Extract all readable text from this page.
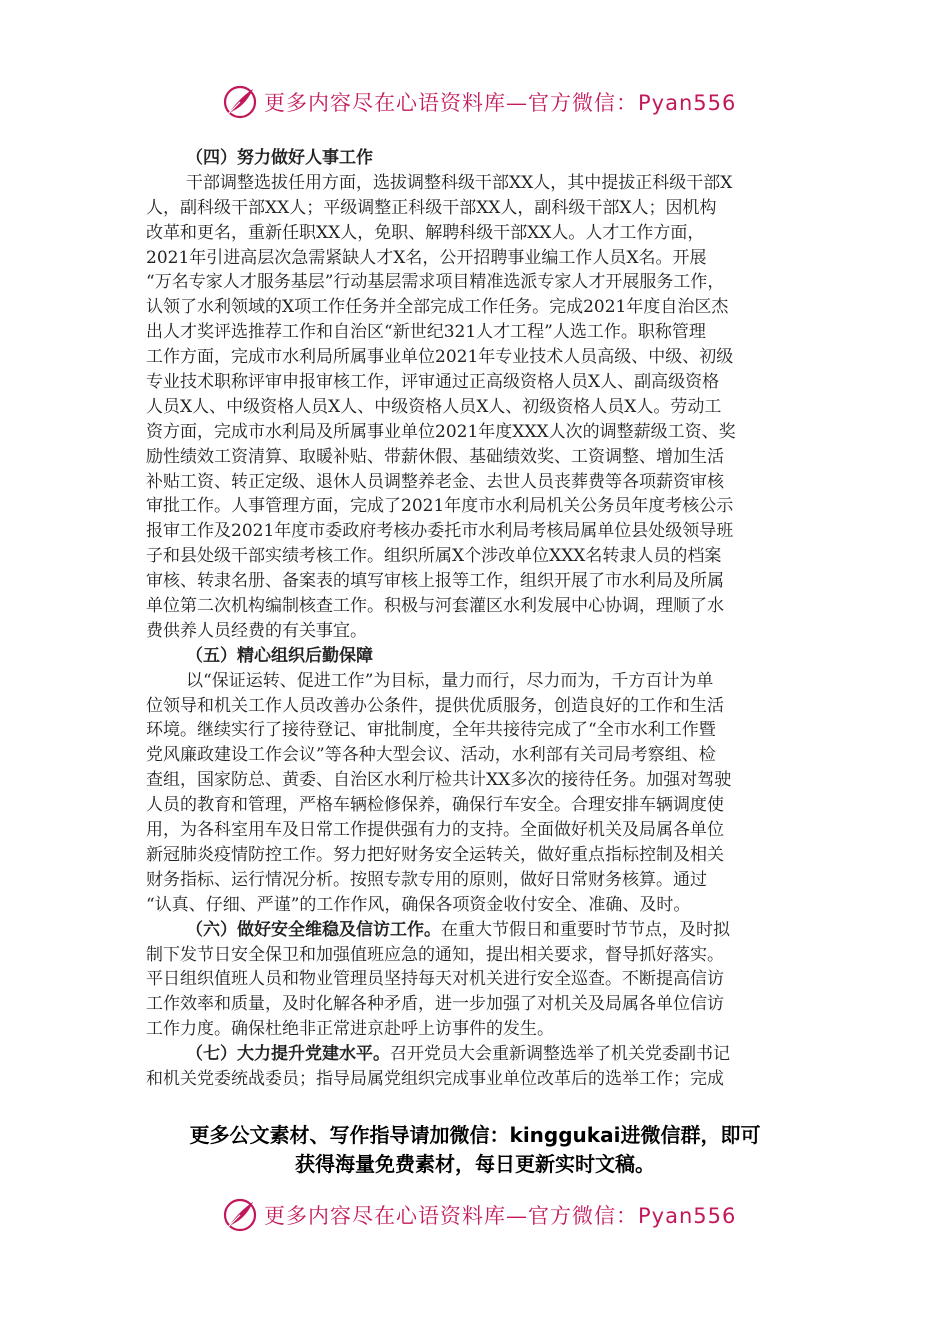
更多内容尽在心语资料库—官方微信：Pyan556
（四）努力做好人事工作
干部调整选拔任用方面，选拔调整科级干部XX人，其中提拔正科级干部X
人，副科级干部XX人；平级调整正科级干部XX人，副科级干部X人；因机构
改革和更名，重新任职XX人，免职、解聘科级干部XX人。人才工作方面，
2021年引进高层次急需紧缺人才X名，公开招聘事业编工作人员X名。开展
“万名专家人才服务基层”行动基层需求项目精准选派专家人才开展服务工作，
认领了水利领域的X项工作任务并全部完成工作任务。完成2021年度自治区杰
出人才奖评选推荐工作和自治区“新世纪321人才工程”人选工作。职称管理
工作方面，完成市水利局所属事业单位2021年专业技术人员高级、中级、初级
专业技术职称评审申报审核工作，评审通过正高级资格人员X人、副高级资格
人员X人、中级资格人员X人、中级资格人员X人、初级资格人员X人。劳动工
资方面，完成市水利局及所属事业单位2021年度XXX人次的调整薪级工资、奖
励性绩效工资清算、取暖补贴、带薪休假、基础绩效奖、工资调整、增加生活
补贴工资、转正定级、退休人员调整养老金、去世人员丧葬费等各项薪资审核
审批工作。人事管理方面，完成了2021年度市水利局机关公务员年度考核公示
报审工作及2021年度市委政府考核办委托市水利局考核局属单位县处级领导班
子和县处级干部实绩考核工作。组织所属X个涉改单位XXX名转隶人员的档案
审核、转隶名册、备案表的填写审核上报等工作，组织开展了市水利局及所属
单位第二次机构编制核查工作。积极与河套灌区水利发展中心协调，理顺了水
费供养人员经费的有关事宜。
（五）精心组织后勤保障
以“保证运转、促进工作”为目标，量力而行，尽力而为，千方百计为单
位领导和机关工作人员改善办公条件，提供优质服务，创造良好的工作和生活
环境。继续实行了接待登记、审批制度，全年共接待完成了“全市水利工作暨
党风廉政建设工作会议”等各种大型会议、活动，水利部有关司局考察组、检
查组，国家防总、黄委、自治区水利厅检共计XX多次的接待任务。加强对驾驶
人员的教育和管理，严格车辆检修保养，确保行车安全。合理安排车辆调度使
用，为各科室用车及日常工作提供强有力的支持。全面做好机关及局属各单位
新冠肺炎疫情防控工作。努力把好财务安全运转关，做好重点指标控制及相关
财务指标、运行情况分析。按照专款专用的原则，做好日常财务核算。通过
“认真、仔细、严谨”的工作作风，确保各项资金收付安全、准确、及时。
（六）做好安全维稳及信访工作。在重大节假日和重要时节节点，及时拟
制下发节日安全保卫和加强值班应急的通知，提出相关要求，督导抓好落实。
平日组织值班人员和物业管理员坚持每天对机关进行安全巡查。不断提高信访
工作效率和质量，及时化解各种矛盾，进一步加强了对机关及局属各单位信访
工作力度。确保杜绝非正常进京赴呼上访事件的发生。
（七）大力提升党建水平。召开党员大会重新调整选举了机关党委副书记
和机关党委统战委员；指导局属党组织完成事业单位改革后的选举工作；完成
更多公文素材、写作指导请加微信：kinggukai进微信群，即可
获得海量免费素材，每日更新实时文稿。
更多内容尽在心语资料库—官方微信：Pyan556
